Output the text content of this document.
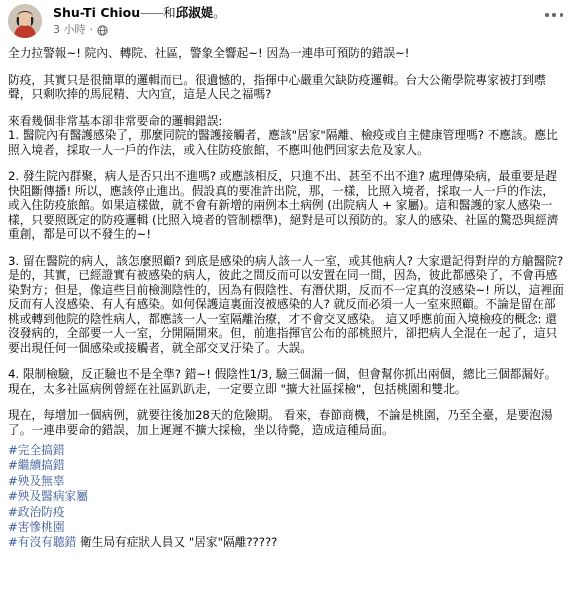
Shu-Ti Chiou——和邱淑媞。
3 小時 ·

全力拉警報~! 院內、轉院、社區，警象全響起~! 因為一連串可預防的錯誤~!

防疫，其實只是很簡單的邏輯而已。很遺憾的，指揮中心嚴重欠缺防疫邏輯。台大公衛學院專家被打到噤聲，只剩吹捧的馬屁精、大內宣，這是人民之福嗎?

來看幾個非常基本卻非常要命的邏輯錯誤:
1. 醫院內有醫護感染了，那麼同院的醫護接觸者，應該"居家"隔離、檢疫或自主健康管理嗎? 不應該。應比照入境者，採取一人一戶的作法，或入住防疫旅館，不應叫他們回家去危及家人。

2. 發生院內群聚，病人是否只出不進嗎? 或應該相反，只進不出、甚至不出不進? 處理傳染病，最重要是趕快阻斷傳播! 所以，應該停止進出。假設真的要准許出院，那，一樣，比照入境者，採取一人一戶的作法，或入住防疫旅館。如果這樣做，就不會有新增的兩例本土病例 (出院病人 + 家屬)。這和醫護的家人感染一樣，只要照既定的防疫邏輯 (比照入境者的管制標準)，絕對是可以預防的。家人的感染、社區的驚恐與經濟重創，都是可以不發生的~!

3. 留在醫院的病人，該怎麼照顧? 到底是感染的病人該一人一室，或其他病人? 大家還記得對岸的方艙醫院? 是的，其實，已經證實有被感染的病人，彼此之間反而可以安置在同一間，因為，彼此都感染了，不會再感染對方；但是，像這些目前檢測陰性的，因為有假陰性、有潛伏期，反而不一定真的沒感染~! 所以，這裡面反而有人沒感染、有人有感染。如何保護這裏面沒被感染的人? 就反而必須一人一室來照顧。不論是留在部桃或轉到他院的陰性病人，都應該一人一室隔離治療，才不會交叉感染。 這又呼應前面入境檢疫的概念: 還沒發病的，全部要一人一室，分開隔開來。但，前進指揮官公布的部桃照片，卻把病人全混在一起了，這只要出現任何一個感染或接觸者，就全部交叉汙染了。大誤。

4. 限制檢驗，反正驗也不是全準? 錯~! 假陰性1/3, 驗三個漏一個，但會幫你抓出兩個，總比三個都漏好。 現在，太多社區病例曾經在社區趴趴走，一定要立即 "擴大社區採檢"，包括桃園和雙北。

現在，每增加一個病例，就要往後加28天的危險期。 看來，春節商機，不論是桃園，乃至全臺，是要泡湯了。一連串要命的錯誤，加上遲遲不擴大採檢，坐以待斃，造成這種局面。

#完全搞錯
#繼續搞錯
#殃及無辜
#殃及醫病家屬
#政治防疫
#害慘桃園
#有沒有聽錯 衛生局有症狀人員又 "居家"隔離?????
